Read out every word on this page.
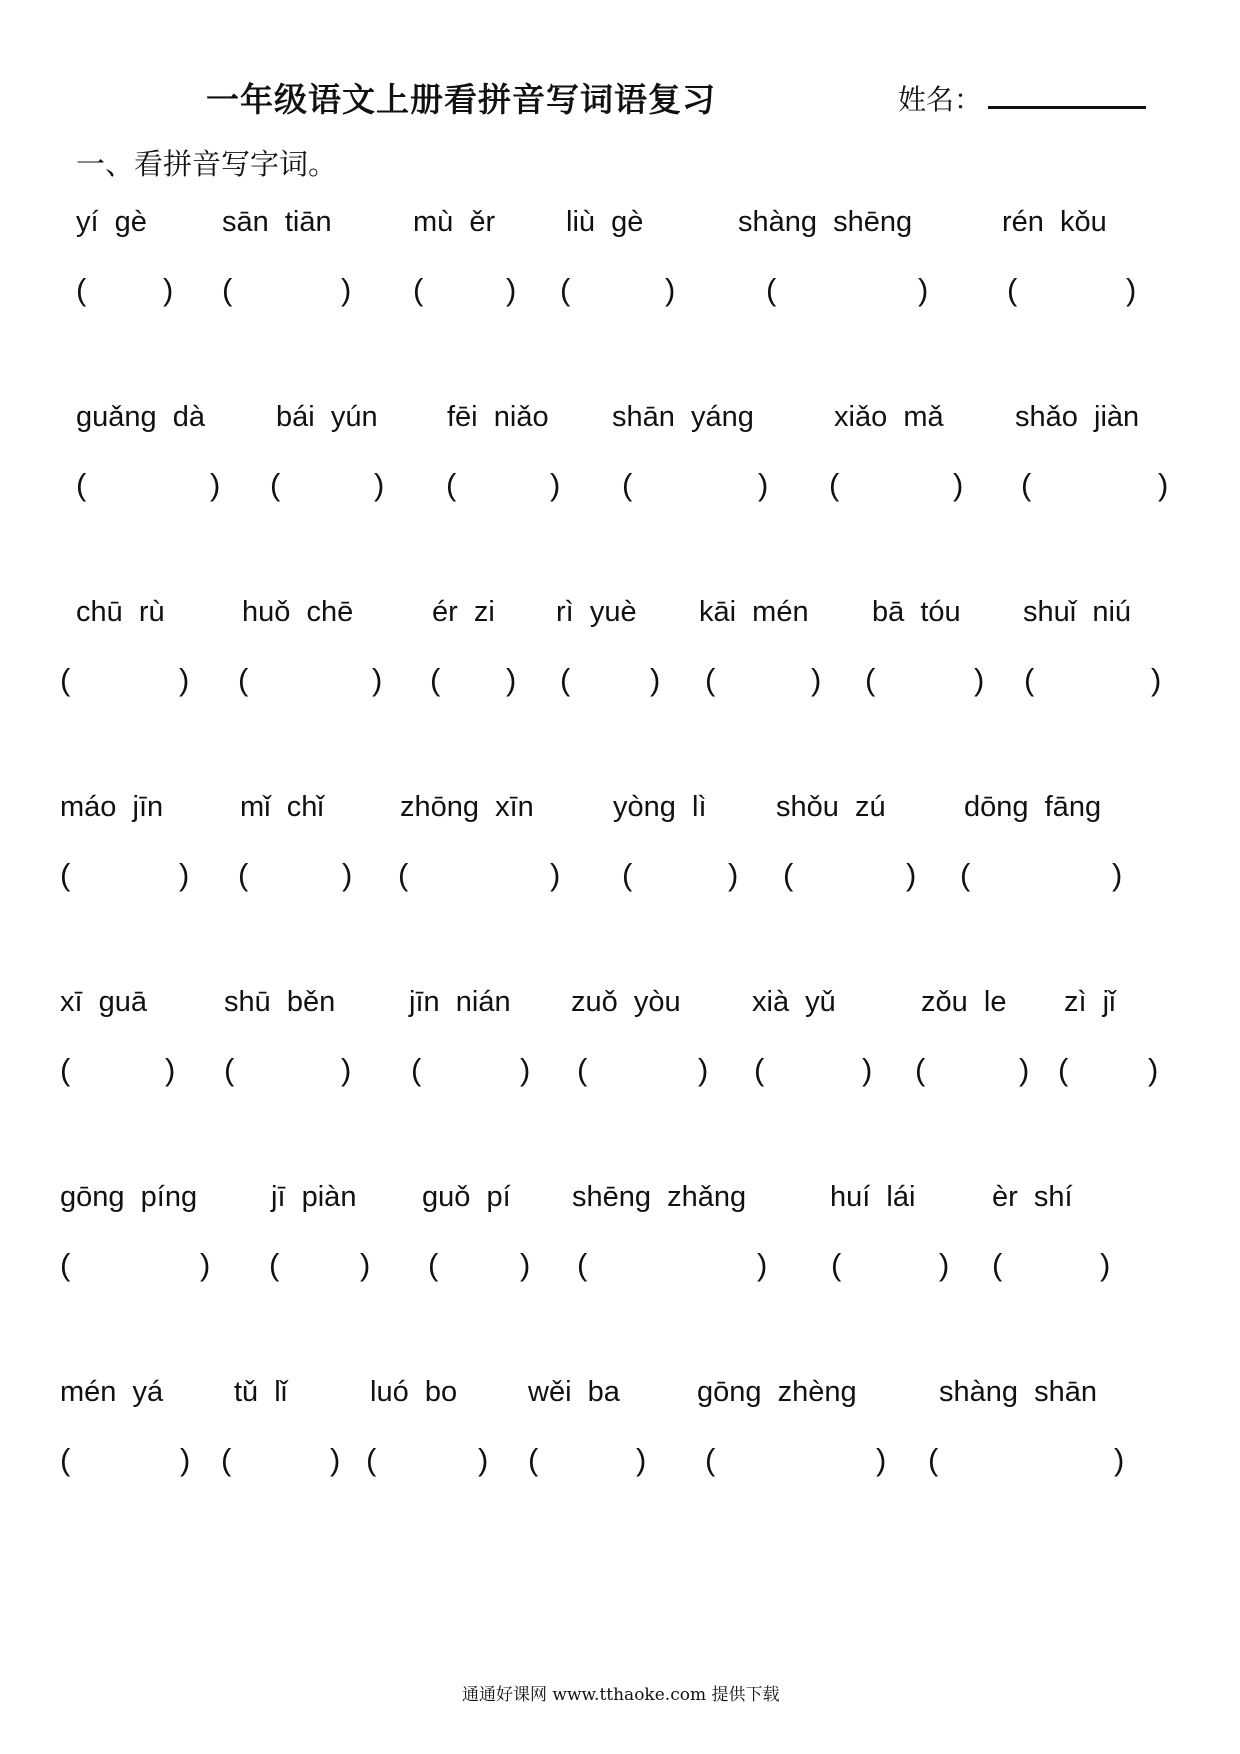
一年级语文上册看拼音写词语复习	姓名：
一、看拼音写字词。
yí  gè
( )
sān  tiān
(	)
mù  ěr
(	)
liù  gè
(	)
shàng  shēng
(	)
rén  kǒu
(	)
guǎng  dà
(	)
bái  yún
(	)
fēi  niǎo
(	)
shān  yáng
(	)
xiǎo  mǎ
(	)
shǎo  jiàn
(	)
chū  rù
(	)
huǒ  chē
(	)
ér  zi
( )
rì  yuè
(	)
kāi  mén
(	)
bā  tóu
(	)
shuǐ  niú
(	)
máo  jīn
(	)
mǐ  chǐ
(	)
zhōng  xīn
(	)
yòng  lì
(	)
shǒu  zú
(	)
dōng  fāng
(	)
xī  guā
(	)
shū  běn
(	)
jīn  nián
(	)
zuǒ  yòu
(	)
xià  yǔ
(	)
zǒu  le
(	)
zì  jǐ
(	)
gōng  píng
(	)
jī  piàn
(	)
guǒ  pí
(	)
shēng  zhǎng
(	)
huí  lái
(	)
èr  shí
(	)
mén  yá
(	)
tǔ  lǐ
(	)
luó  bo
(	)
wěi  ba
(	)
gōng  zhèng
(	)
shàng  shān
(	)
通通好课网 www.tthaoke.com 提供下载
